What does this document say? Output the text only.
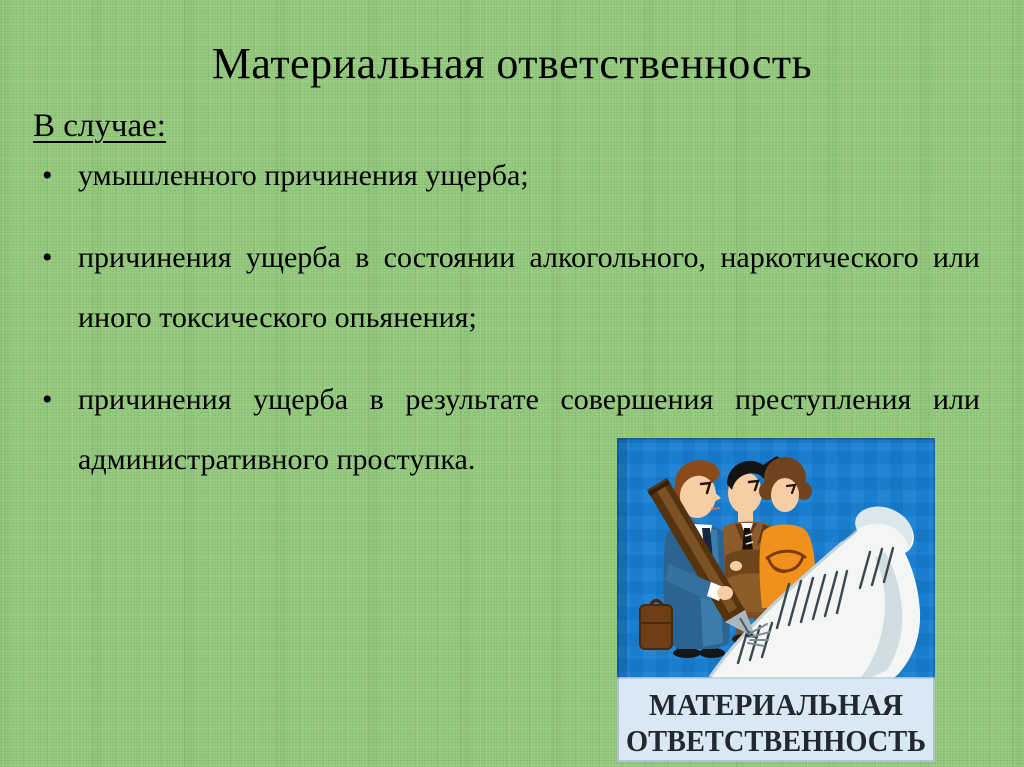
Материальная ответственность
В случае:
• умышленного причинения ущерба;
• причинения ущерба в состоянии алкогольного, наркотического или иного токсического опьянения;
• причинения ущерба в результате совершения преступления или административного проступка.
МАТЕРИАЛЬНАЯ
ОТВЕТСТВЕННОСТЬ
